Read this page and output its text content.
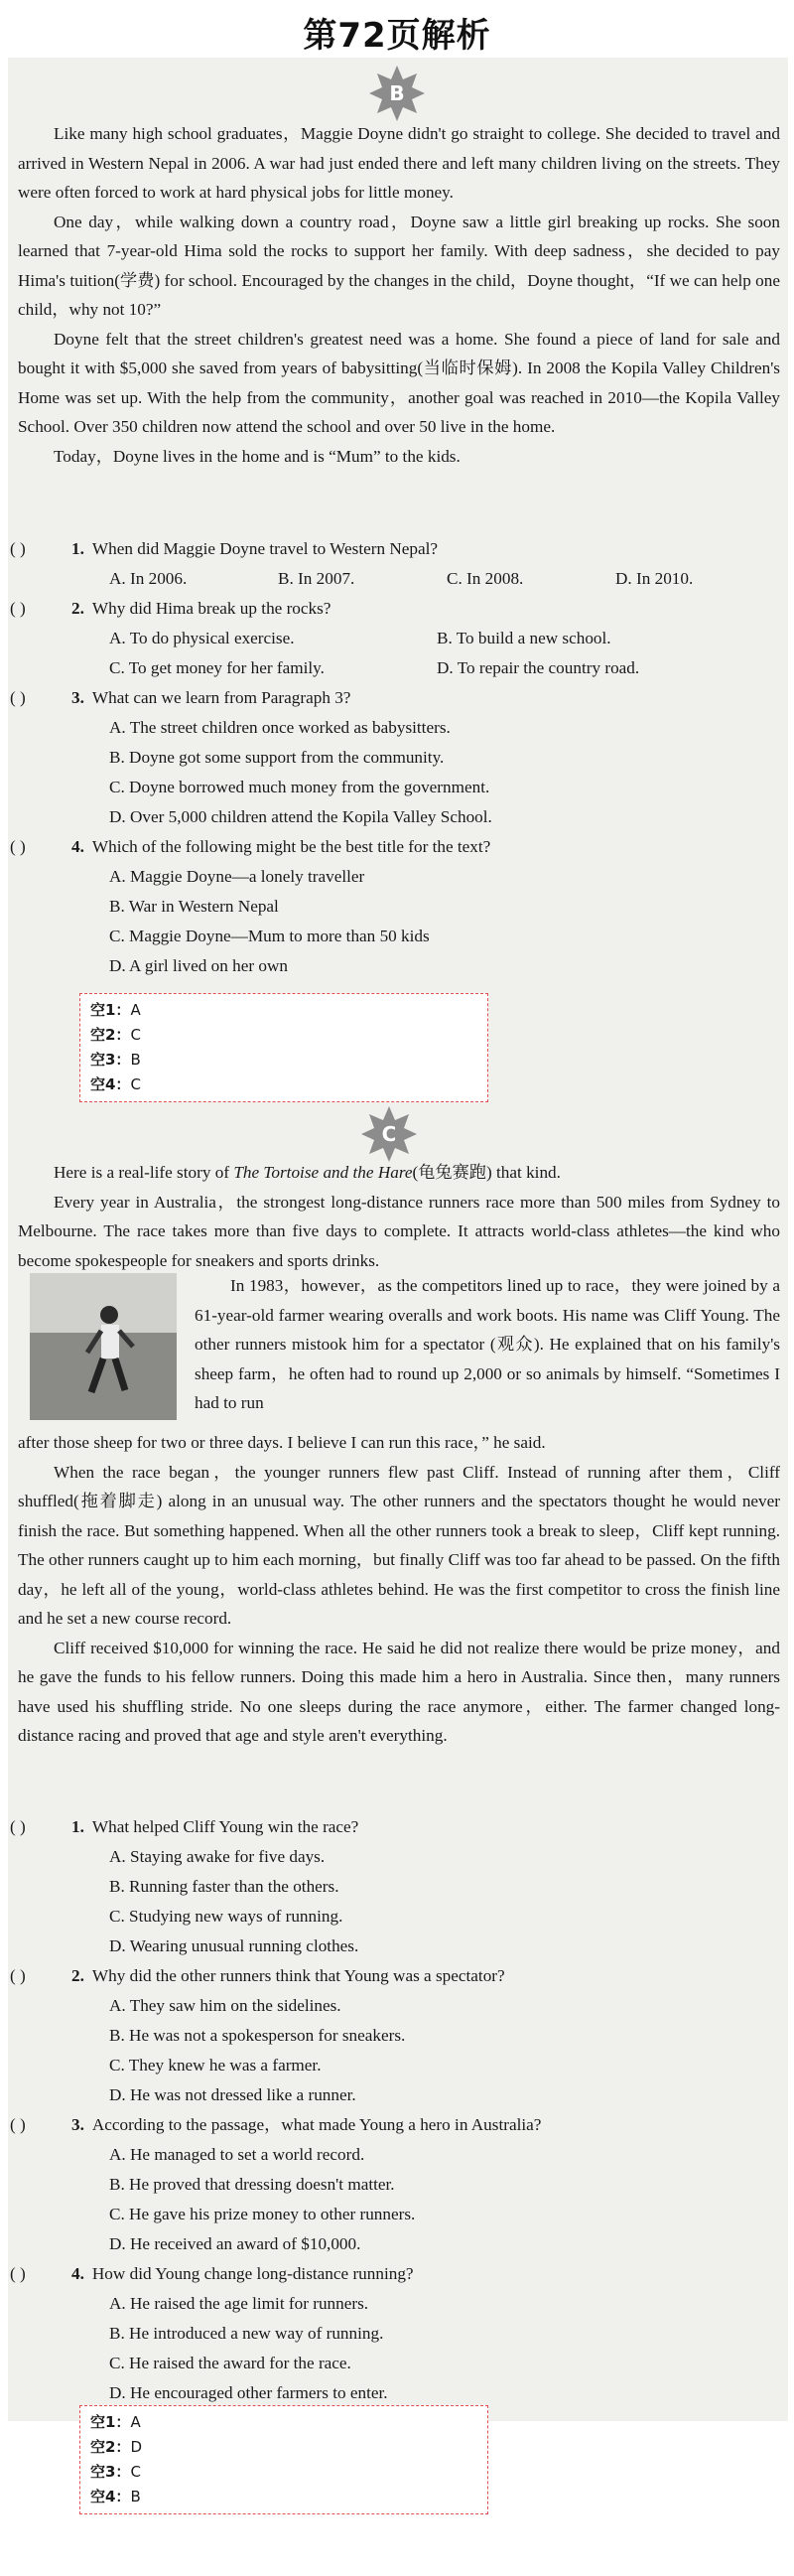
第72页解析
B

Like many high school graduates，Maggie Doyne didn't go straight to college. She decided to travel and arrived in Western Nepal in 2006. A war had just ended there and left many children living on the streets. They were often forced to work at hard physical jobs for little money.

One day，while walking down a country road，Doyne saw a little girl breaking up rocks. She soon learned that 7-year-old Hima sold the rocks to support her family. With deep sadness，she decided to pay Hima's tuition(学费) for school. Encouraged by the changes in the child，Doyne thought，“If we can help one child，why not 10?”

Doyne felt that the street children's greatest need was a home. She found a piece of land for sale and bought it with $5,000 she saved from years of babysitting(当临时保姆). In 2008 the Kopila Valley Children's Home was set up. With the help from the community，another goal was reached in 2010—the Kopila Valley School. Over 350 children now attend the school and over 50 live in the home.

Today，Doyne lives in the home and is “Mum” to the kids.

( )	1. When did Maggie Doyne travel to Western Nepal?
A. In 2006.	B. In 2007.	C. In 2008.	D. In 2010.
( )	2. Why did Hima break up the rocks?
A. To do physical exercise.	B. To build a new school.
C. To get money for her family.	D. To repair the country road.
( )	3. What can we learn from Paragraph 3?
A. The street children once worked as babysitters.
B. Doyne got some support from the community.
C. Doyne borrowed much money from the government.
D. Over 5,000 children attend the Kopila Valley School.
( )	4. Which of the following might be the best title for the text?
A. Maggie Doyne—a lonely traveller
B. War in Western Nepal
C. Maggie Doyne—Mum to more than 50 kids
D. A girl lived on her own
空1：A
空2：C
空3：B
空4：C
C

Here is a real-life story of The Tortoise and the Hare(龟兔赛跑) that kind.

Every year in Australia，the strongest long-distance runners race more than 500 miles from Sydney to Melbourne. The race takes more than five days to complete. It attracts world-class athletes—the kind who become spokespeople for sneakers and sports drinks.

In 1983，however，as the competitors lined up to race，they were joined by a 61-year-old farmer wearing overalls and work boots. His name was Cliff Young. The other runners mistook him for a spectator (观众). He explained that on his family's sheep farm，he often had to round up 2,000 or so animals by himself. “Sometimes I had to run

after those sheep for two or three days. I believe I can run this race，” he said.

When the race began，the younger runners flew past Cliff. Instead of running after them，Cliff shuffled(拖着脚走) along in an unusual way. The other runners and the spectators thought he would never finish the race. But something happened. When all the other runners took a break to sleep，Cliff kept running. The other runners caught up to him each morning，but finally Cliff was too far ahead to be passed. On the fifth day，he left all of the young，world-class athletes behind. He was the first competitor to cross the finish line and he set a new course record.

Cliff received $10,000 for winning the race. He said he did not realize there would be prize money，and he gave the funds to his fellow runners. Doing this made him a hero in Australia. Since then，many runners have used his shuffling stride. No one sleeps during the race anymore，either. The farmer changed long-distance racing and proved that age and style aren't everything.

( )	1. What helped Cliff Young win the race?
A. Staying awake for five days.
B. Running faster than the others.
C. Studying new ways of running.
D. Wearing unusual running clothes.
( )	2. Why did the other runners think that Young was a spectator?
A. They saw him on the sidelines.
B. He was not a spokesperson for sneakers.
C. They knew he was a farmer.
D. He was not dressed like a runner.
( )	3. According to the passage，what made Young a hero in Australia?
A. He managed to set a world record.
B. He proved that dressing doesn't matter.
C. He gave his prize money to other runners.
D. He received an award of $10,000.
( )	4. How did Young change long-distance running?
A. He raised the age limit for runners.
B. He introduced a new way of running.
C. He raised the award for the race.
D. He encouraged other farmers to enter.
空1：A
空2：D
空3：C
空4：B
